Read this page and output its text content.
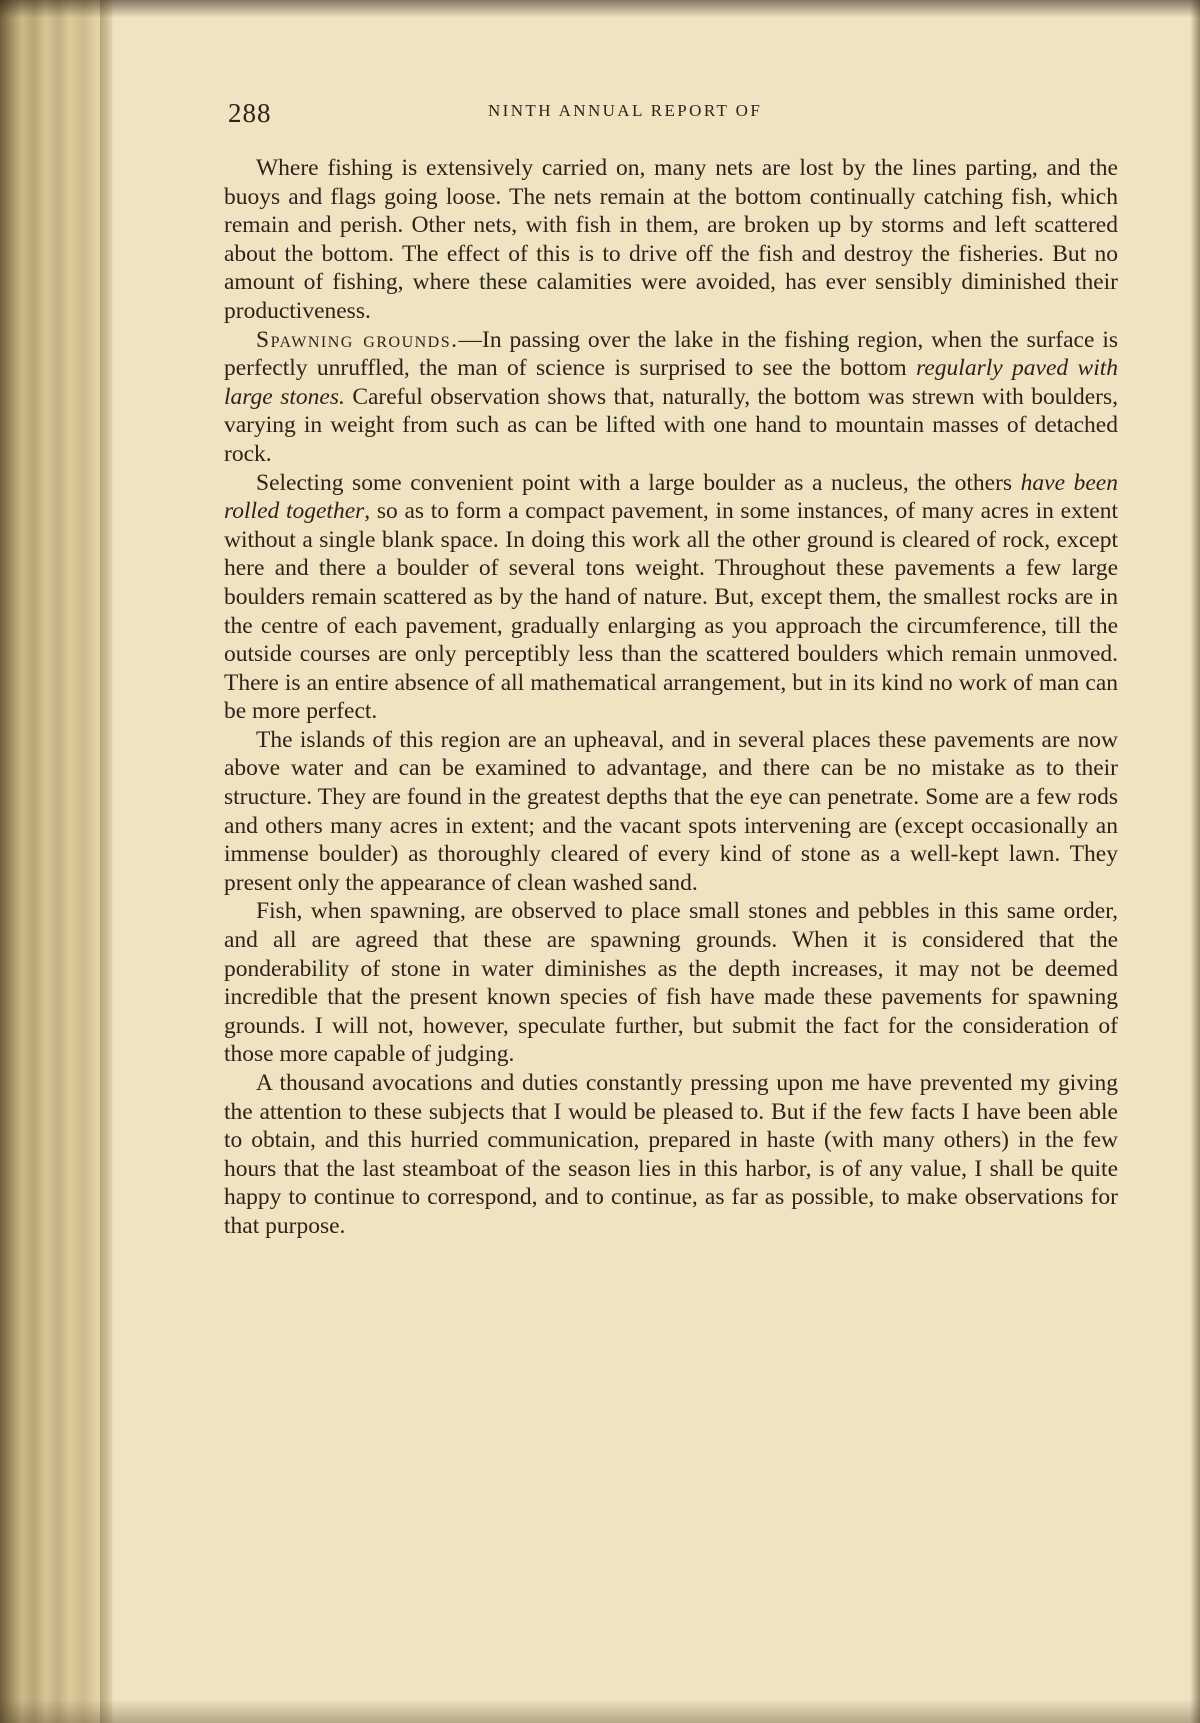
288	NINTH ANNUAL REPORT OF

Where fishing is extensively carried on, many nets are lost by the lines parting, and the buoys and flags going loose. The nets remain at the bottom continually catching fish, which remain and perish. Other nets, with fish in them, are broken up by storms and left scattered about the bottom. The effect of this is to drive off the fish and destroy the fisheries. But no amount of fishing, where these calamities were avoided, has ever sensibly diminished their productiveness.

Spawning grounds.—In passing over the lake in the fishing region, when the surface is perfectly unruffled, the man of science is surprised to see the bottom regularly paved with large stones. Careful observation shows that, naturally, the bottom was strewn with boulders, varying in weight from such as can be lifted with one hand to mountain masses of detached rock.

Selecting some convenient point with a large boulder as a nucleus, the others have been rolled together, so as to form a compact pavement, in some instances, of many acres in extent without a single blank space. In doing this work all the other ground is cleared of rock, except here and there a boulder of several tons weight. Throughout these pavements a few large boulders remain scattered as by the hand of nature. But, except them, the smallest rocks are in the centre of each pavement, gradually enlarging as you approach the circumference, till the outside courses are only perceptibly less than the scattered boulders which remain unmoved. There is an entire absence of all mathematical arrangement, but in its kind no work of man can be more perfect.

The islands of this region are an upheaval, and in several places these pavements are now above water and can be examined to advantage, and there can be no mistake as to their structure. They are found in the greatest depths that the eye can penetrate. Some are a few rods and others many acres in extent; and the vacant spots intervening are (except occasionally an immense boulder) as thoroughly cleared of every kind of stone as a well-kept lawn. They present only the appearance of clean washed sand.

Fish, when spawning, are observed to place small stones and pebbles in this same order, and all are agreed that these are spawning grounds. When it is considered that the ponderability of stone in water diminishes as the depth increases, it may not be deemed incredible that the present known species of fish have made these pavements for spawning grounds. I will not, however, speculate further, but submit the fact for the consideration of those more capable of judging.

A thousand avocations and duties constantly pressing upon me have prevented my giving the attention to these subjects that I would be pleased to. But if the few facts I have been able to obtain, and this hurried communication, prepared in haste (with many others) in the few hours that the last steamboat of the season lies in this harbor, is of any value, I shall be quite happy to continue to correspond, and to continue, as far as possible, to make observations for that purpose.
